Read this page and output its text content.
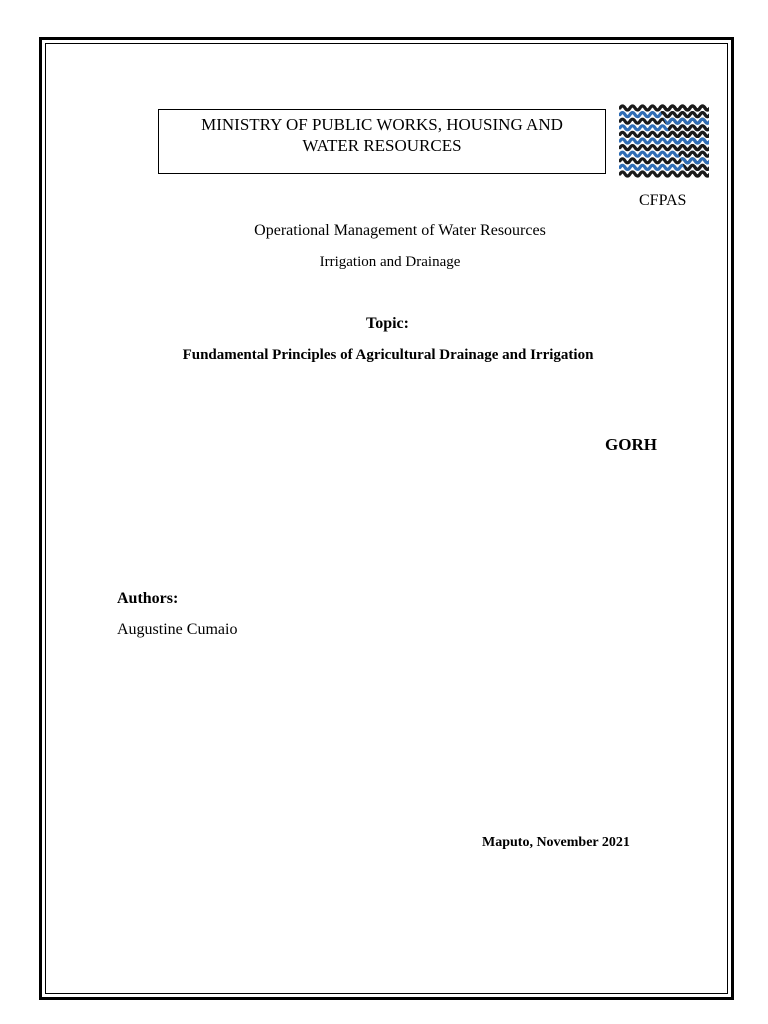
MINISTRY OF PUBLIC WORKS, HOUSING AND
WATER RESOURCES
CFPAS
Operational Management of Water Resources
Irrigation and Drainage
Topic:
Fundamental Principles of Agricultural Drainage and Irrigation
GORH
Authors:
Augustine Cumaio
Maputo, November 2021
